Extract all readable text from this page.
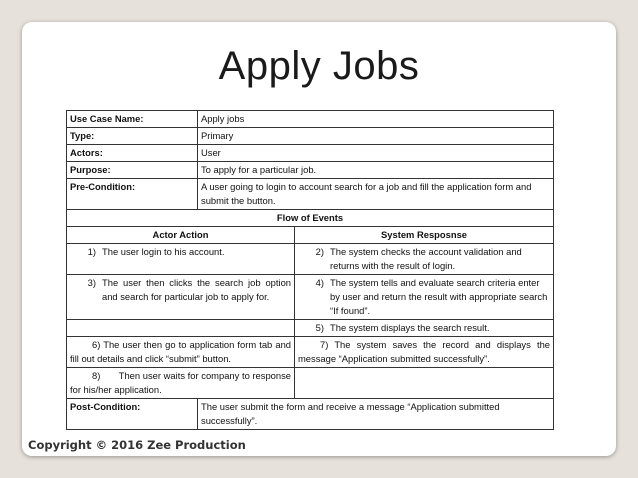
Apply Jobs
Use Case Name:	Apply jobs	
Type:	Primary	
Actors:	User	
Purpose:	To apply for a particular job.	
Pre-Condition:	A user going to login to account search for a job and fill the application form and submit the button.	
Flow of Events		
Actor Action		System Resposnse

1) The user login to his account.		2) The system checks the account validation and returns with the result of login.

3) The user then clicks the search job option and search for particular job to apply for.		4) The system tells and evaluate search criteria enter by user and return the result with appropriate search “If found”.

		5) The system displays the search result.

6) The user then go to application form tab and fill out details and click “submit” button.		7) The system saves the record and displays the message “Application submitted successfully”.
8)       Then user waits for company to response for his/her application.		
Post-Condition:	The user submit the form and receive a message “Application submitted successfully”.	
Copyright © 2016 Zee Production
